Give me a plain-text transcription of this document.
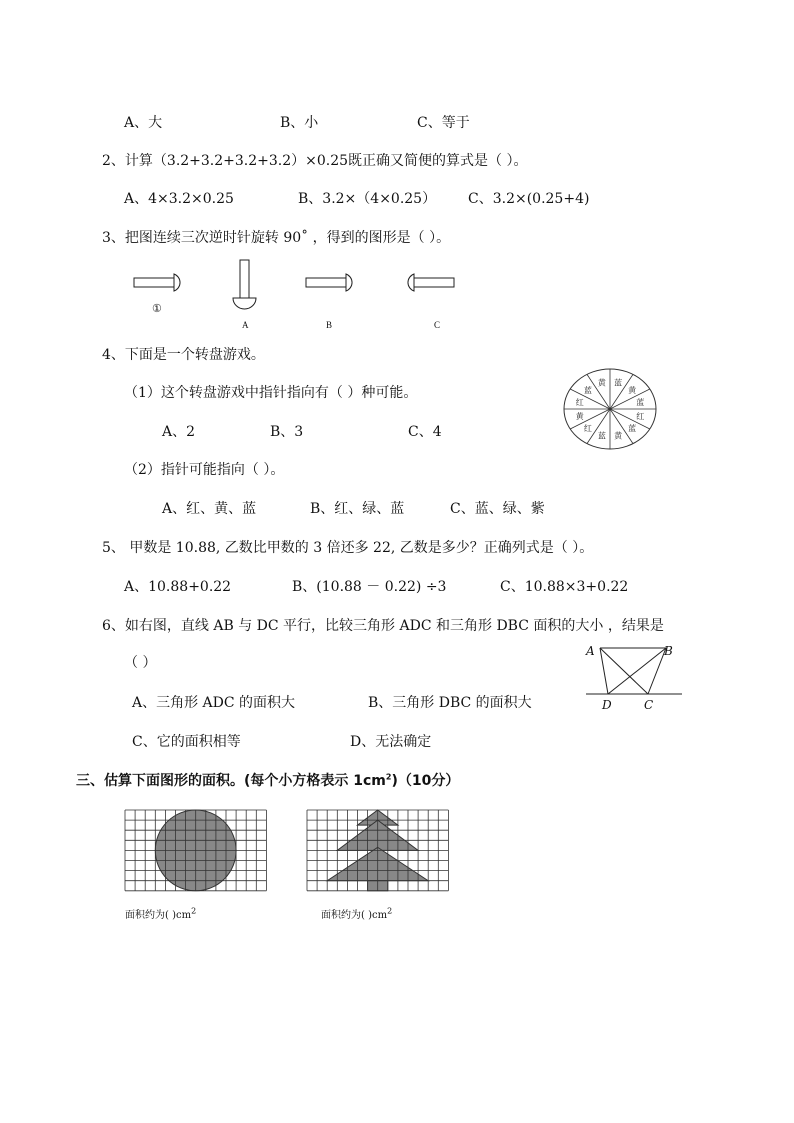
A、大	B、小	C、等于
2、计算（3.2+3.2+3.2+3.2）×0.25既正确又简便的算式是（ ）。
A、4×3.2×0.25	B、3.2×（4×0.25） C、3.2×(0.25+4)
3、把图连续三次逆时针旋转 90˚ ，得到的图形是（ ）。
①
A	B	C
4、下面是一个转盘游戏。
（1）这个转盘游戏中指针指向有（ ）种可能。
A、2	B、3	C、4
（2）指针可能指向（ ）。
A、红、黄、蓝	B、红、绿、蓝	C、蓝、绿、紫
蓝
黄
蓝
红
蓝
黄
蓝
红
黄
红
蓝
黄
5、 甲数是 10.88, 乙数比甲数的 3 倍还多 22, 乙数是多少？正确列式是（ ）。
A、10.88+0.22	B、(10.88 － 0.22) ÷3	C、10.88×3+0.22
6、如右图，直线 AB 与 DC 平行，比较三角形 ADC 和三角形 DBC 面积的大小 ，结果是
（ ）
A、三角形 ADC 的面积大	B、三角形 DBC 的面积大
C、它的面积相等	D、无法确定
A	B
D	C
三、估算下面图形的面积。(每个小方格表示 $1cm^2)(10$分）
面积约为( )$cm^2$	面积约为( )$cm^2$
